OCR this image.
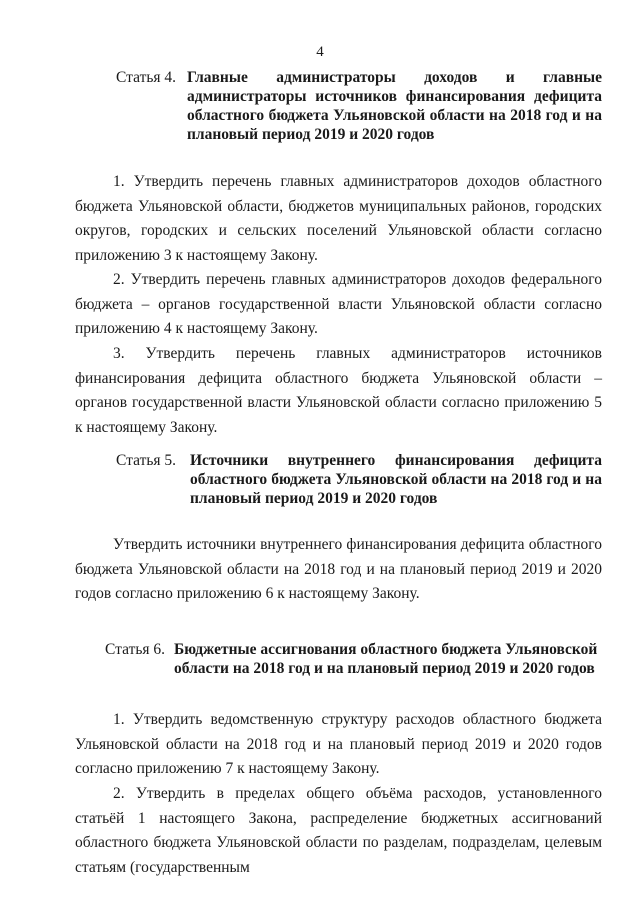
4
Статья 4. Главные администраторы доходов и главные
администраторы источников финансирования дефицита областного бюджета Ульяновской области на 2018 год и на плановый период 2019 и 2020 годов

1. Утвердить перечень главных администраторов доходов областного бюджета Ульяновской области, бюджетов муниципальных районов, городских округов, городских и сельских поселений Ульяновской области согласно приложению 3 к настоящему Закону.

2. Утвердить перечень главных администраторов доходов федерального бюджета – органов государственной власти Ульяновской области согласно приложению 4 к настоящему Закону.

3. Утвердить перечень главных администраторов источников финансирования дефицита областного бюджета Ульяновской области – органов государственной власти Ульяновской области согласно приложению 5 к настоящему Закону.

Статья 5. Источники внутреннего финансирования дефицита
областного бюджета Ульяновской области на 2018 год и на плановый период 2019 и 2020 годов

Утвердить источники внутреннего финансирования дефицита областного бюджета Ульяновской области на 2018 год и на плановый период 2019 и 2020 годов согласно приложению 6 к настоящему Закону.

Статья 6. Бюджетные ассигнования областного бюджета Ульяновской
области на 2018 год и на плановый период 2019 и 2020 годов

1. Утвердить ведомственную структуру расходов областного бюджета Ульяновской области на 2018 год и на плановый период 2019 и 2020 годов согласно приложению 7 к настоящему Закону.

2. Утвердить в пределах общего объёма расходов, установленного статьёй 1 настоящего Закона, распределение бюджетных ассигнований областного бюджета Ульяновской области по разделам, подразделам, целевым статьям (государственным
